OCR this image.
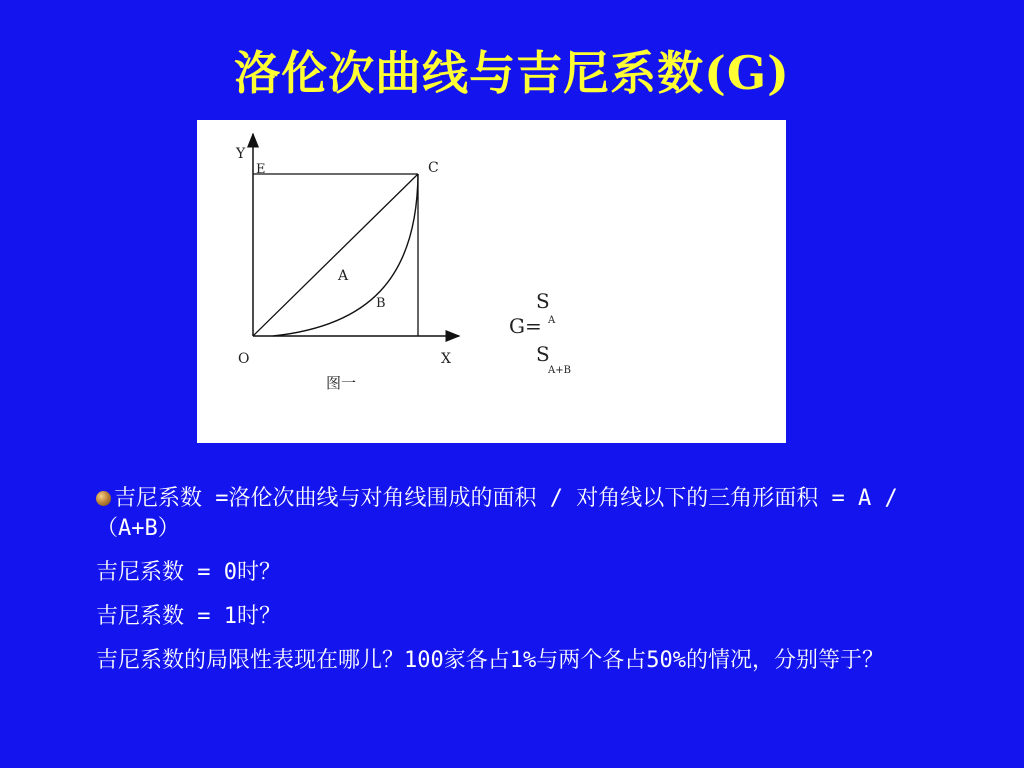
洛伦次曲线与吉尼系数(G)
Y
E	C
A
B
O	X
图一
G=
S
A
S
A+B
吉尼系数 =洛伦次曲线与对角线围成的面积 / 对角线以下的三角形面积 = A /（A+B）
吉尼系数 = 0时？
吉尼系数 = 1时？
吉尼系数的局限性表现在哪儿？100家各占1%与两个各占50%的情况，分别等于？
